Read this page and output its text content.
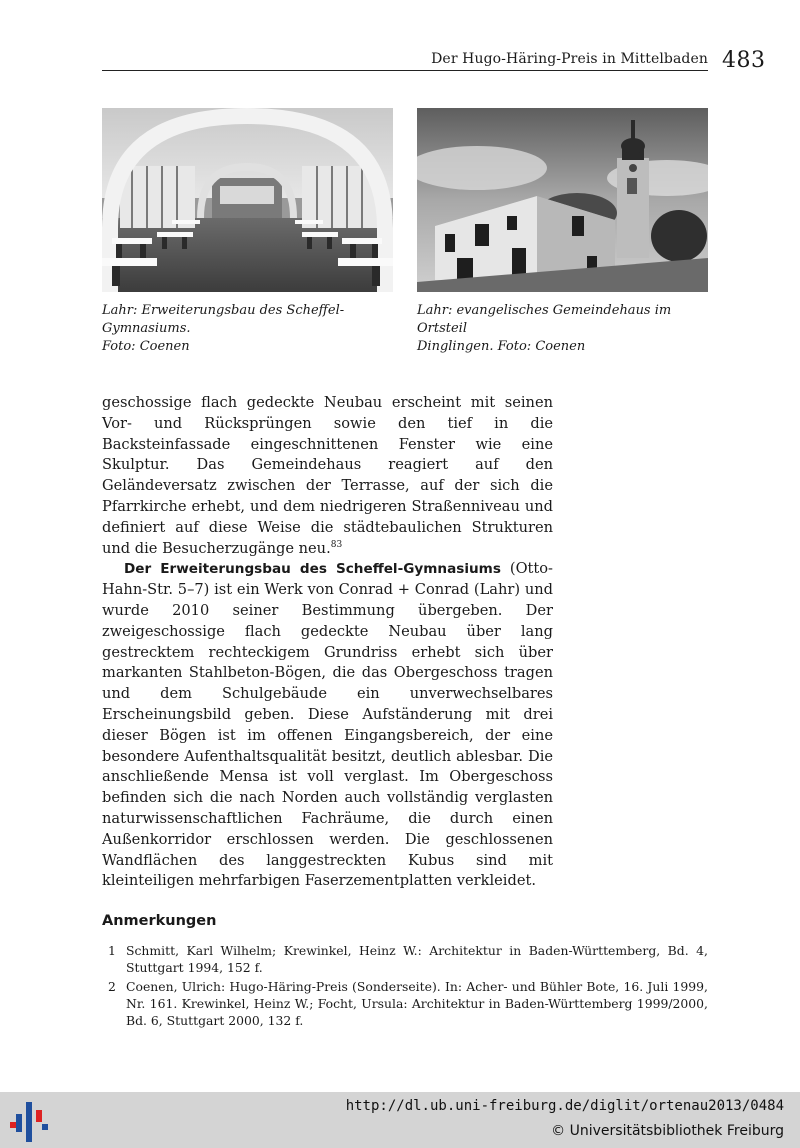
Der Hugo-Häring-Preis in Mittelbaden 483
Lahr: Erweiterungsbau des Scheffel-Gymnasiums.
Foto: Coenen
Lahr: evangelisches Gemeindehaus im Ortsteil
Dinglingen. Foto: Coenen

geschossige flach gedeckte Neubau erscheint mit seinen Vor- und Rücksprüngen sowie den tief in die Backsteinfassade eingeschnittenen Fenster wie eine Skulptur. Das Gemeindehaus reagiert auf den Geländeversatz zwischen der Terrasse, auf der sich die Pfarrkirche erhebt, und dem niedrigeren Straßenniveau und definiert auf diese Weise die städtebaulichen Strukturen und die Besucherzugänge neu.$^{83}$

Der Erweiterungsbau des Scheffel-Gymnasiums (Otto-Hahn-Str. 5–7) ist ein Werk von Conrad + Conrad (Lahr) und wurde 2010 seiner Bestimmung übergeben. Der zweigeschossige flach gedeckte Neubau über lang gestrecktem rechteckigem Grundriss erhebt sich über markanten Stahlbeton-Bögen, die das Obergeschoss tragen und dem Schulgebäude ein unverwechselbares Erscheinungsbild geben. Diese Aufständerung mit drei dieser Bögen ist im offenen Eingangsbereich, der eine besondere Aufenthaltsqualität besitzt, deutlich ablesbar. Die anschließende Mensa ist voll verglast. Im Obergeschoss befinden sich die nach Norden auch vollständig verglasten naturwissenschaftlichen Fachräume, die durch einen Außenkorridor erschlossen werden. Die geschlossenen Wandflächen des langgestreckten Kubus sind mit kleinteiligen mehrfarbigen Faserzementplatten verkleidet.

Anmerkungen
1 Schmitt, Karl Wilhelm; Krewinkel, Heinz W.: Architektur in Baden-Württemberg, Bd. 4, Stuttgart 1994, 152 f.
2 Coenen, Ulrich: Hugo-Häring-Preis (Sonderseite). In: Acher- und Bühler Bote, 16. Juli 1999, Nr. 161. Krewinkel, Heinz W.; Focht, Ursula: Architektur in Baden-Württemberg 1999/2000, Bd. 6, Stuttgart 2000, 132 f.
http://dl.ub.uni-freiburg.de/diglit/ortenau2013/0484
© Universitätsbibliothek Freiburg
